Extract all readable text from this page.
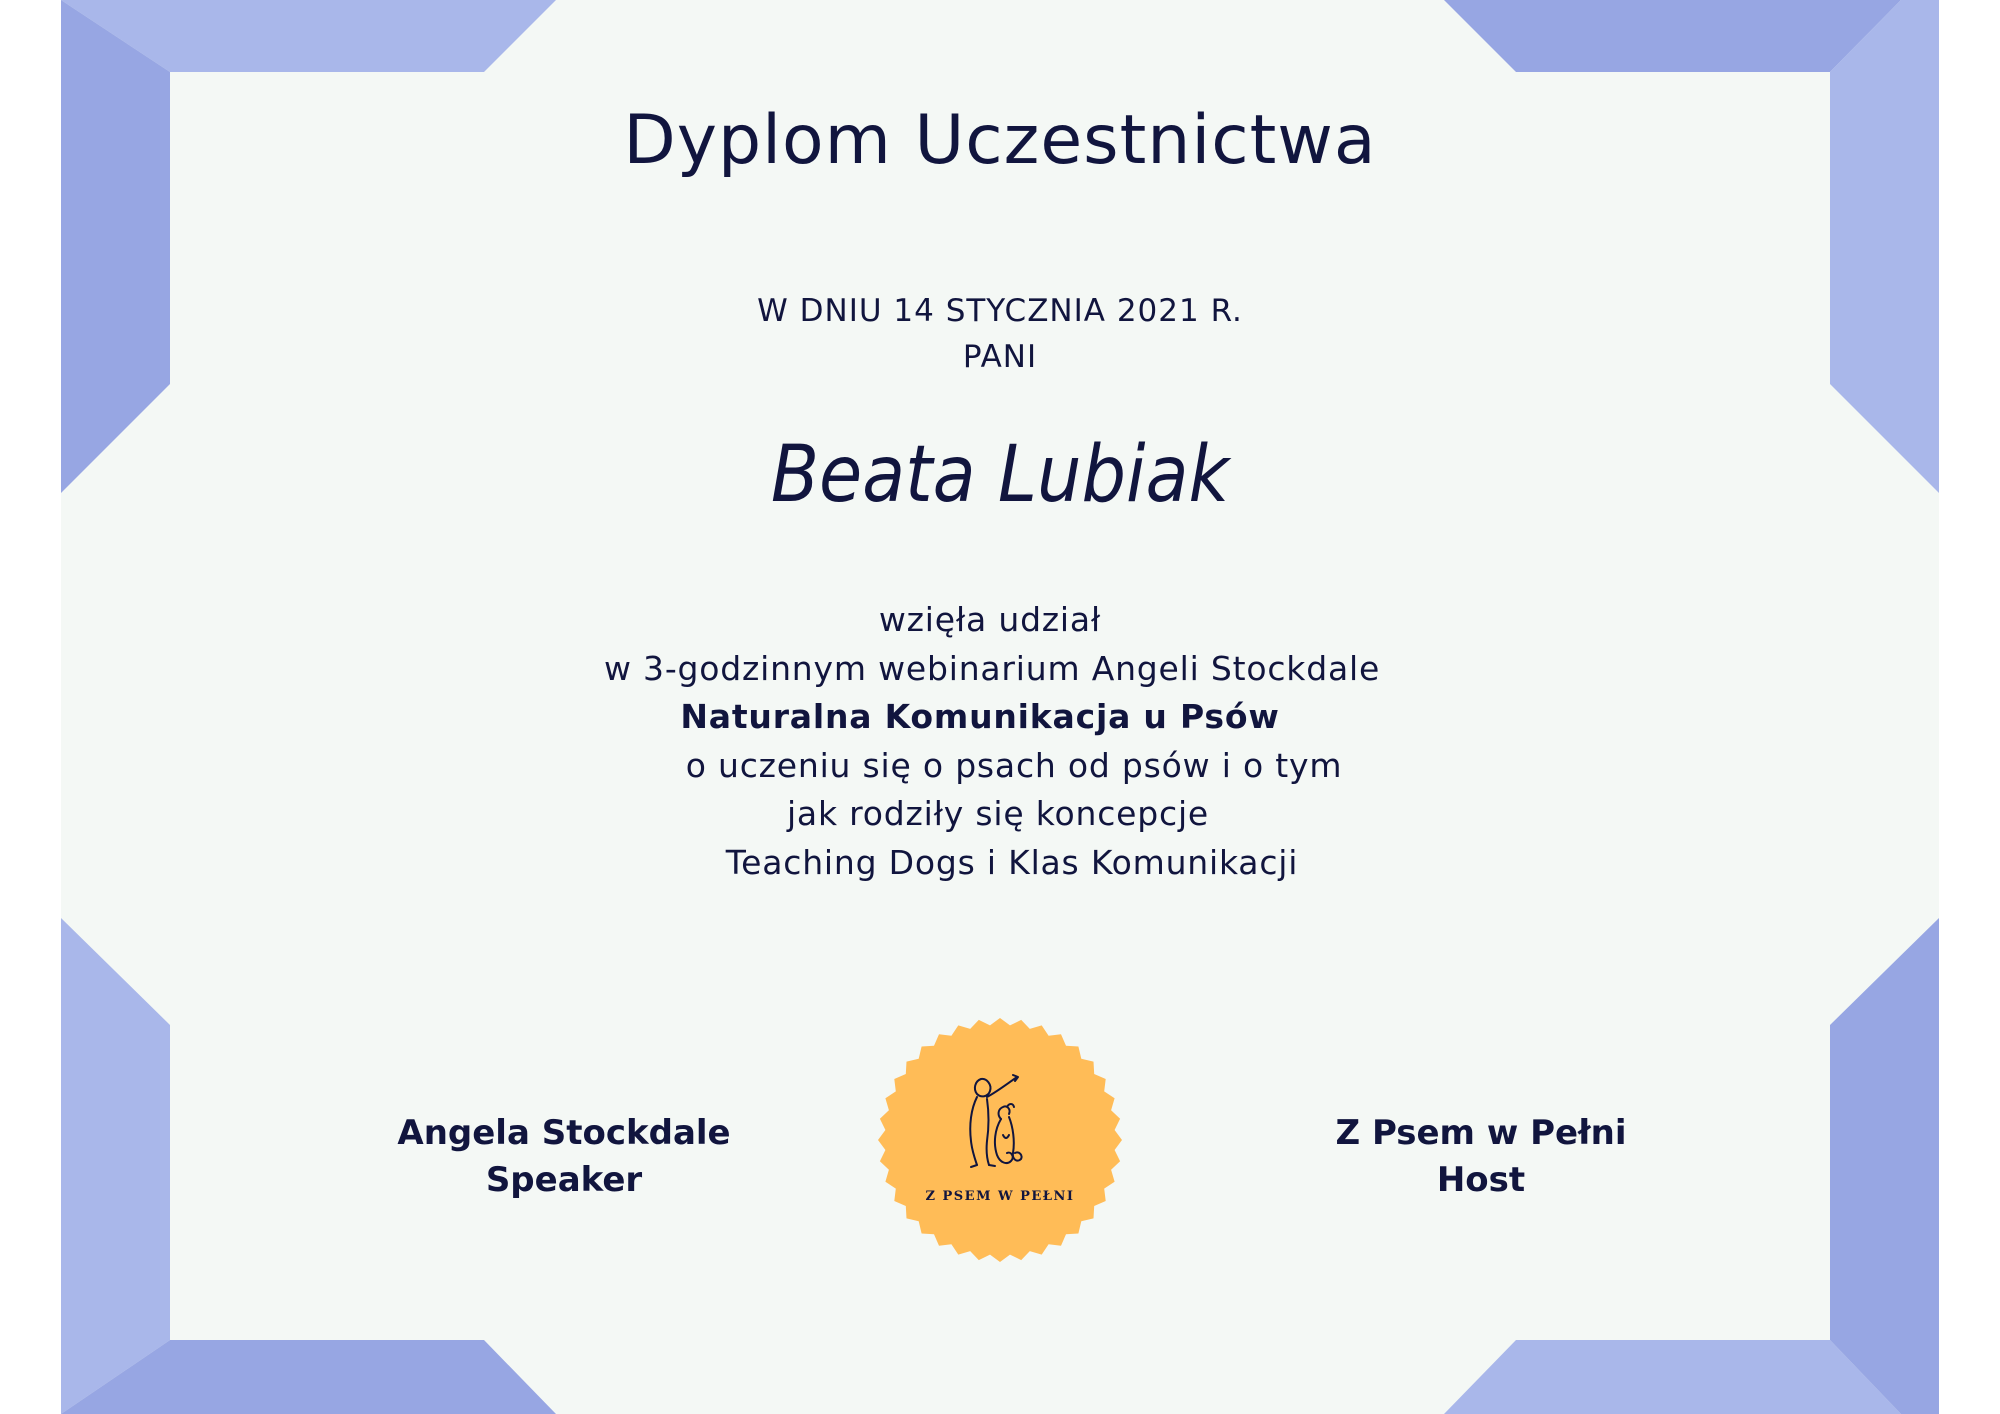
Dyplom Uczestnictwa
W DNIU 14 STYCZNIA 2021 R.
PANI
Beata Lubiak
wzięła udział
w 3-godzinnym webinarium Angeli Stockdale
Naturalna Komunikacja u Psów
o uczeniu się o psach od psów i o tym
jak rodziły się koncepcje
Teaching Dogs i Klas Komunikacji
Angela Stockdale
Speaker	Z PSEM W PEŁNI
Z Psem w Pełni
Host
